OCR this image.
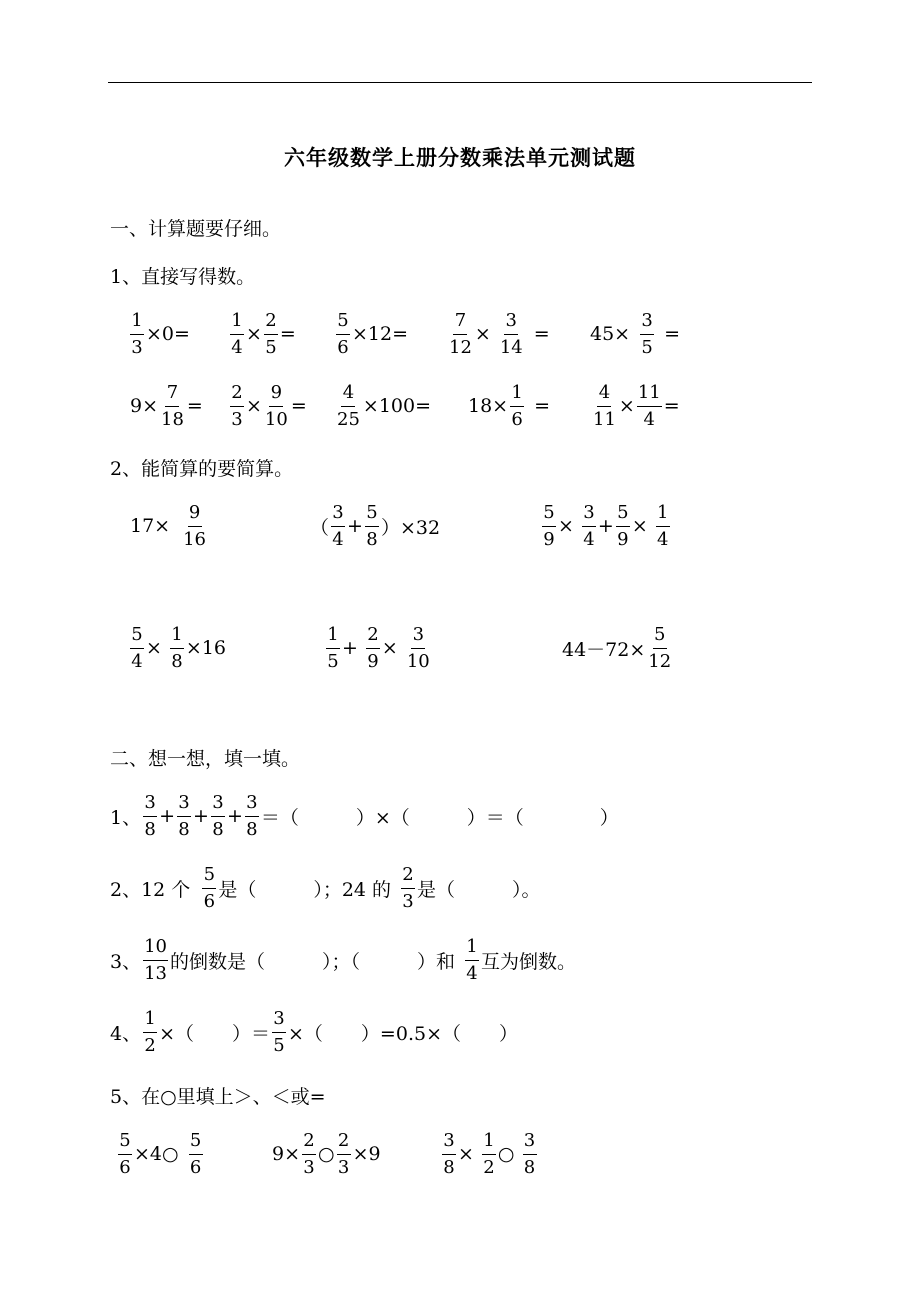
六年级数学上册分数乘法单元测试题
一、计算题要仔细。
1、直接写得数。
$\frac{1}{3} \times 0= \frac{1}{4} \times \frac{2}{5} = \frac{5}{6} \times 12= \frac{7}{12} \times \frac{3}{14} = 45\times \frac{3}{5}$ =
$9\times \frac{7}{18} = \frac{2}{3} \times \frac{9}{10} = \frac{4}{25} \times 100= 18\times \frac{1}{6} = \frac{4}{11} \times \frac{11}{4}$ =
2、能简算的要简算。
$17\times \frac{9}{16}$	（ $\frac{3}{4} + \frac{5}{8} )\times 32$	$\frac{5}{9} \times \frac{3}{4} + \frac{5}{9} \times \frac{1}{4}$
$\frac{5}{4} \times \frac{1}{8} \times 16$	$\frac{1}{5} + \frac{2}{9} \times \frac{3}{10}$	$44-72\times \frac{5}{12}$
二、想一想，填一填。
1、 $\frac{3}{8} + \frac{3}{8} + \frac{3}{8} + \frac{3}{8}$ ＝（　　　）×（　　　）＝（　　　　）
2、12 个 $\frac{5}{6}$ 是（　　　）；24 的 $\frac{2}{3}$ 是（　　　）。
3、 $\frac{10}{13}$ 的倒数是（　　　）；（　　　）和 $\frac{1}{4}$ 互为倒数。
4、 $\frac{1}{2}$ ×（　　）＝ $\frac{3}{5}$ ×（　　）=0.5×（　　）
5、在○里填上＞、＜或=
$\frac{5}{6}$ ×4○ $\frac{5}{6}$	$9\times \frac{2}{3}$ ○ $\frac{2}{3} \times 9$	$\frac{3}{8} \times \frac{1}{2}$ ○ $\frac{3}{8}$
